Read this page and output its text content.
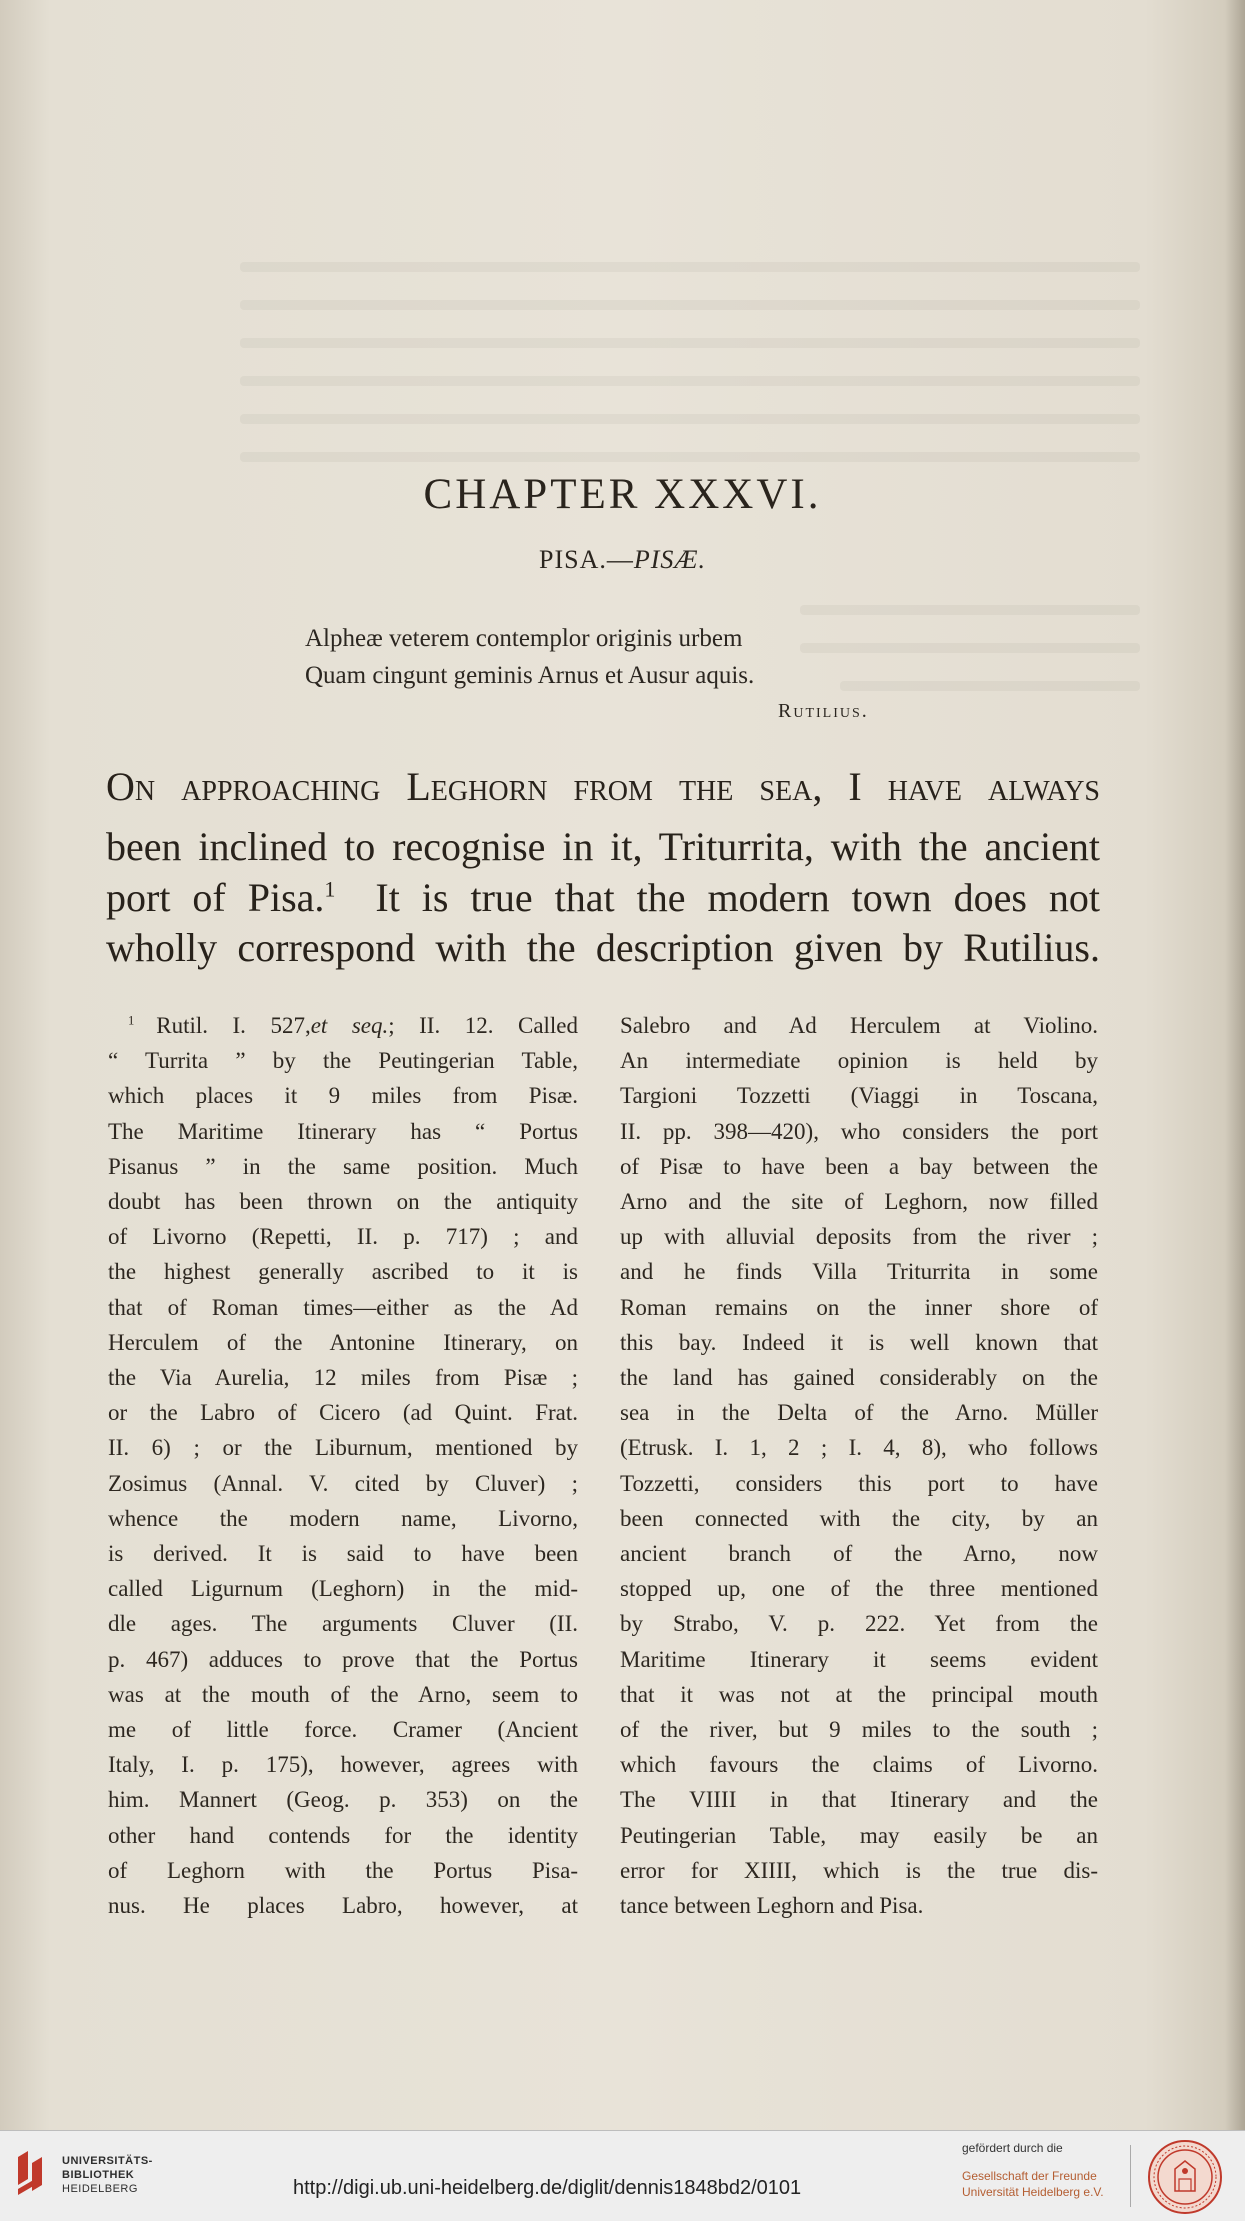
CHAPTER XXXVI.
PISA.—PISÆ.
Alpheæ veterem contemplor originis urbem
Quam cingunt geminis Arnus et Ausur aquis.
Rutilius.
On approaching Leghorn from the sea, I have always
been inclined to recognise in it, Triturrita, with the ancient
port of Pisa.$^1$ It is true that the modern town does not
wholly correspond with the description given by Rutilius.
$^1$ Rutil. I. 527,et seq.; II. 12. Called
“ Turrita ” by the Peutingerian Table,
which places it 9 miles from Pisæ.
The Maritime Itinerary has “ Portus
Pisanus ” in the same position. Much
doubt has been thrown on the antiquity
of Livorno (Repetti, II. p. 717) ; and
the highest generally ascribed to it is
that of Roman times—either as the Ad
Herculem of the Antonine Itinerary, on
the Via Aurelia, 12 miles from Pisæ ;
or the Labro of Cicero (ad Quint. Frat.
II. 6) ; or the Liburnum, mentioned by
Zosimus (Annal. V. cited by Cluver) ;
whence the modern name, Livorno,
is derived. It is said to have been
called Ligurnum (Leghorn) in the mid-
dle ages. The arguments Cluver (II.
p. 467) adduces to prove that the Portus
was at the mouth of the Arno, seem to
me of little force. Cramer (Ancient
Italy, I. p. 175), however, agrees with
him. Mannert (Geog. p. 353) on the
other hand contends for the identity
of Leghorn with the Portus Pisa-
nus. He places Labro, however, at
Salebro and Ad Herculem at Violino.
An intermediate opinion is held by
Targioni Tozzetti (Viaggi in Toscana,
II. pp. 398—420), who considers the port
of Pisæ to have been a bay between the
Arno and the site of Leghorn, now filled
up with alluvial deposits from the river ;
and he finds Villa Triturrita in some
Roman remains on the inner shore of
this bay. Indeed it is well known that
the land has gained considerably on the
sea in the Delta of the Arno. Müller
(Etrusk. I. 1, 2 ; I. 4, 8), who follows
Tozzetti, considers this port to have
been connected with the city, by an
ancient branch of the Arno, now
stopped up, one of the three mentioned
by Strabo, V. p. 222. Yet from the
Maritime Itinerary it seems evident
that it was not at the principal mouth
of the river, but 9 miles to the south ;
which favours the claims of Livorno.
The VIIII in that Itinerary and the
Peutingerian Table, may easily be an
error for XIIII, which is the true dis-
tance between Leghorn and Pisa.
UNIVERSITÄTS-
BIBLIOTHEK
HEIDELBERG	http://digi.ub.uni-heidelberg.de/diglit/dennis1848bd2/0101
gefördert durch die
Gesellschaft der Freunde
Universität Heidelberg e.V.
